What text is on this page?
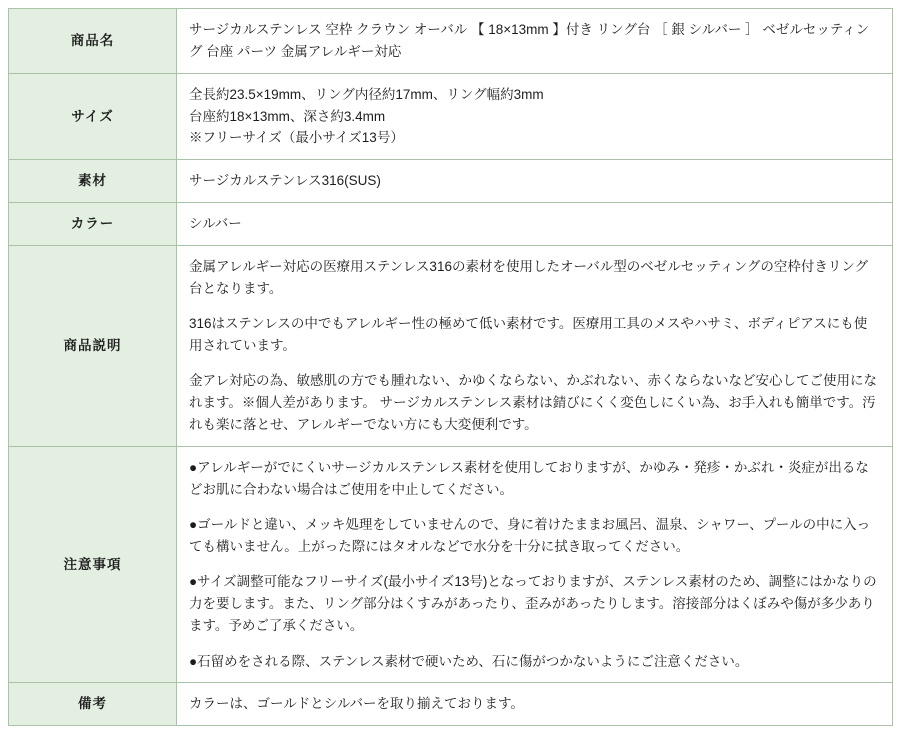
商品名	サージカルステンレス 空枠 クラウン オーバル 【 18×13mm 】付き リング台 ［ 銀 シルバー ］ ベゼルセッティング 台座 パーツ 金属アレルギー対応

サイズ	全長約23.5×19mm、リング内径約17mm、リング幅約3mm

台座約18×13mm、深さ約3.4mm

※フリーサイズ（最小サイズ13号）

素材	サージカルステンレス316(SUS)

カラー	シルバー

商品説明	金属アレルギー対応の医療用ステンレス316の素材を使用したオーバル型のベゼルセッティングの空枠付きリング台となります。

316はステンレスの中でもアレルギー性の極めて低い素材です。医療用工具のメスやハサミ、ボディピアスにも使用されています。

金アレ対応の為、敏感肌の方でも腫れない、かゆくならない、かぶれない、赤くならないなど安心してご使用になれます。※個人差があります。 サージカルステンレス素材は錆びにくく変色しにくい為、お手入れも簡単です。汚れも楽に落とせ、アレルギーでない方にも大変便利です。

注意事項	●アレルギーがでにくいサージカルステンレス素材を使用しておりますが、かゆみ・発疹・かぶれ・炎症が出るなどお肌に合わない場合はご使用を中止してください。

●ゴールドと違い、メッキ処理をしていませんので、身に着けたままお風呂、温泉、シャワー、プールの中に入っても構いません。上がった際にはタオルなどで水分を十分に拭き取ってください。

●サイズ調整可能なフリーサイズ(最小サイズ13号)となっておりますが、ステンレス素材のため、調整にはかなりの力を要します。また、リング部分はくすみがあったり、歪みがあったりします。溶接部分はくぼみや傷が多少あります。予めご了承ください。

●石留めをされる際、ステンレス素材で硬いため、石に傷がつかないようにご注意ください。

備考	カラーは、ゴールドとシルバーを取り揃えております。
